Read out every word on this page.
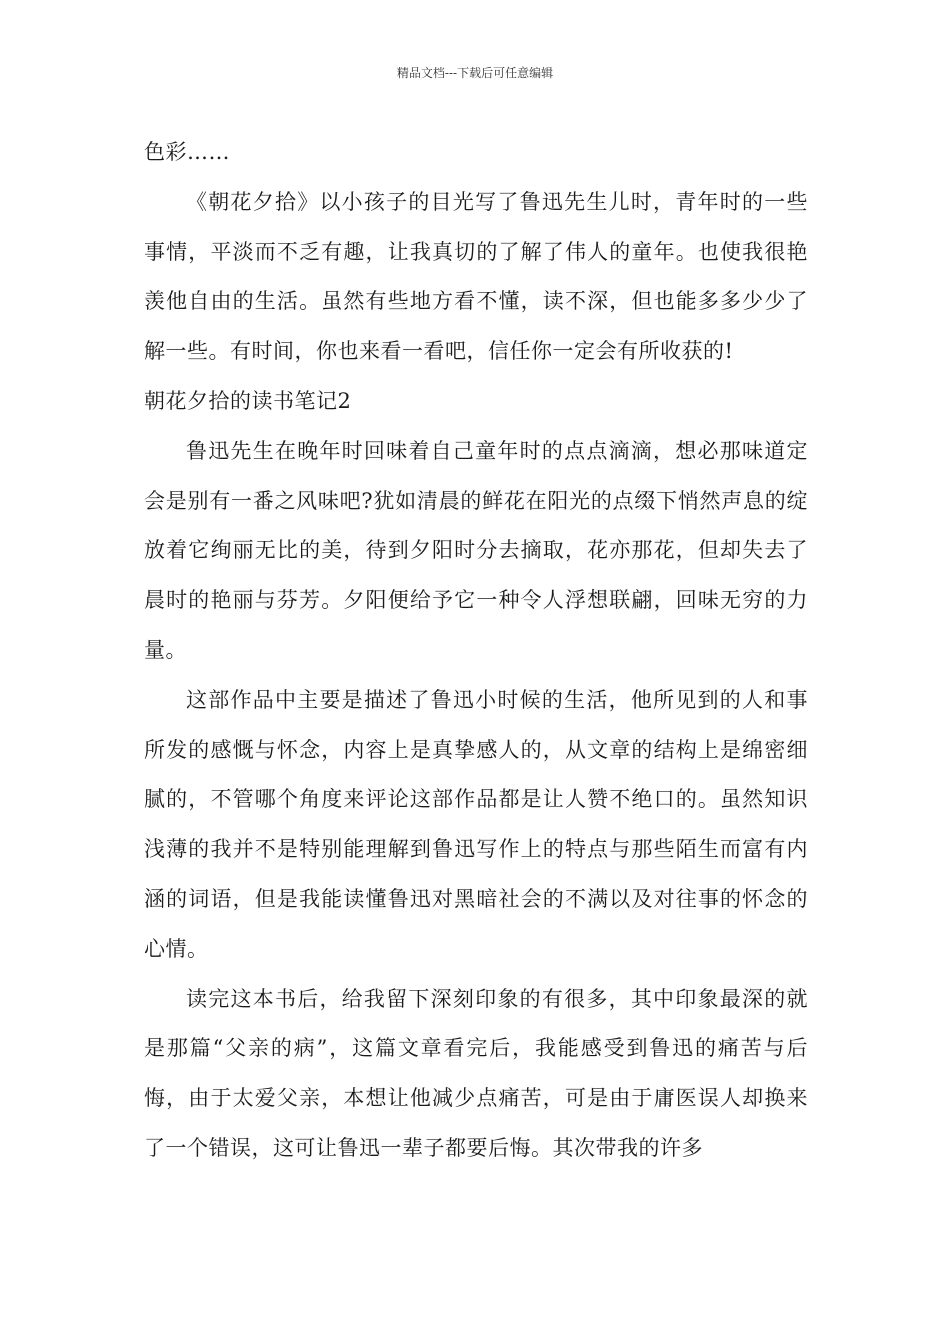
精品文档---下载后可任意编辑

色彩……

《朝花夕拾》以小孩子的目光写了鲁迅先生儿时，青年时的一些事情，平淡而不乏有趣，让我真切的了解了伟人的童年。也使我很艳羡他自由的生活。虽然有些地方看不懂，读不深，但也能多多少少了解一些。有时间，你也来看一看吧，信任你一定会有所收获的!

朝花夕拾的读书笔记2

鲁迅先生在晚年时回味着自己童年时的点点滴滴，想必那味道定会是别有一番之风味吧?犹如清晨的鲜花在阳光的点缀下悄然声息的绽放着它绚丽无比的美，待到夕阳时分去摘取，花亦那花，但却失去了晨时的艳丽与芬芳。夕阳便给予它一种令人浮想联翩，回味无穷的力量。

这部作品中主要是描述了鲁迅小时候的生活，他所见到的人和事所发的感慨与怀念，内容上是真挚感人的，从文章的结构上是绵密细腻的，不管哪个角度来评论这部作品都是让人赞不绝口的。虽然知识浅薄的我并不是特别能理解到鲁迅写作上的特点与那些陌生而富有内涵的词语，但是我能读懂鲁迅对黑暗社会的不满以及对往事的怀念的心情。

读完这本书后，给我留下深刻印象的有很多，其中印象最深的就是那篇“父亲的病”，这篇文章看完后，我能感受到鲁迅的痛苦与后悔，由于太爱父亲，本想让他减少点痛苦，可是由于庸医误人却换来了一个错误，这可让鲁迅一辈子都要后悔。其次带我的许多
